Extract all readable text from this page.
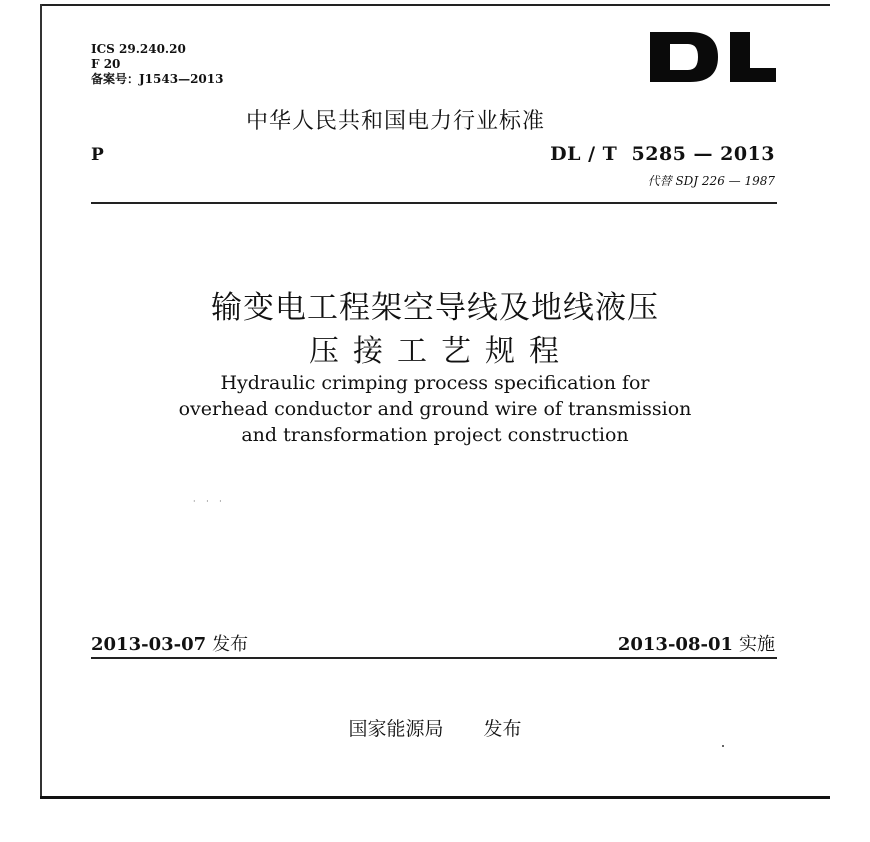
ICS 29.240.20
F 20
备案号：J1543—2013
中华人民共和国电力行业标准
P	DL / T  5285 — 2013
代替 SDJ 226 — 1987
输变电工程架空导线及地线液压
压接工艺规程
Hydraulic crimping process specification for
overhead conductor and ground wire of transmission
and transformation project construction
· · ·
2013-03-07 发布	2013-08-01 实施
国家能源局 发布
